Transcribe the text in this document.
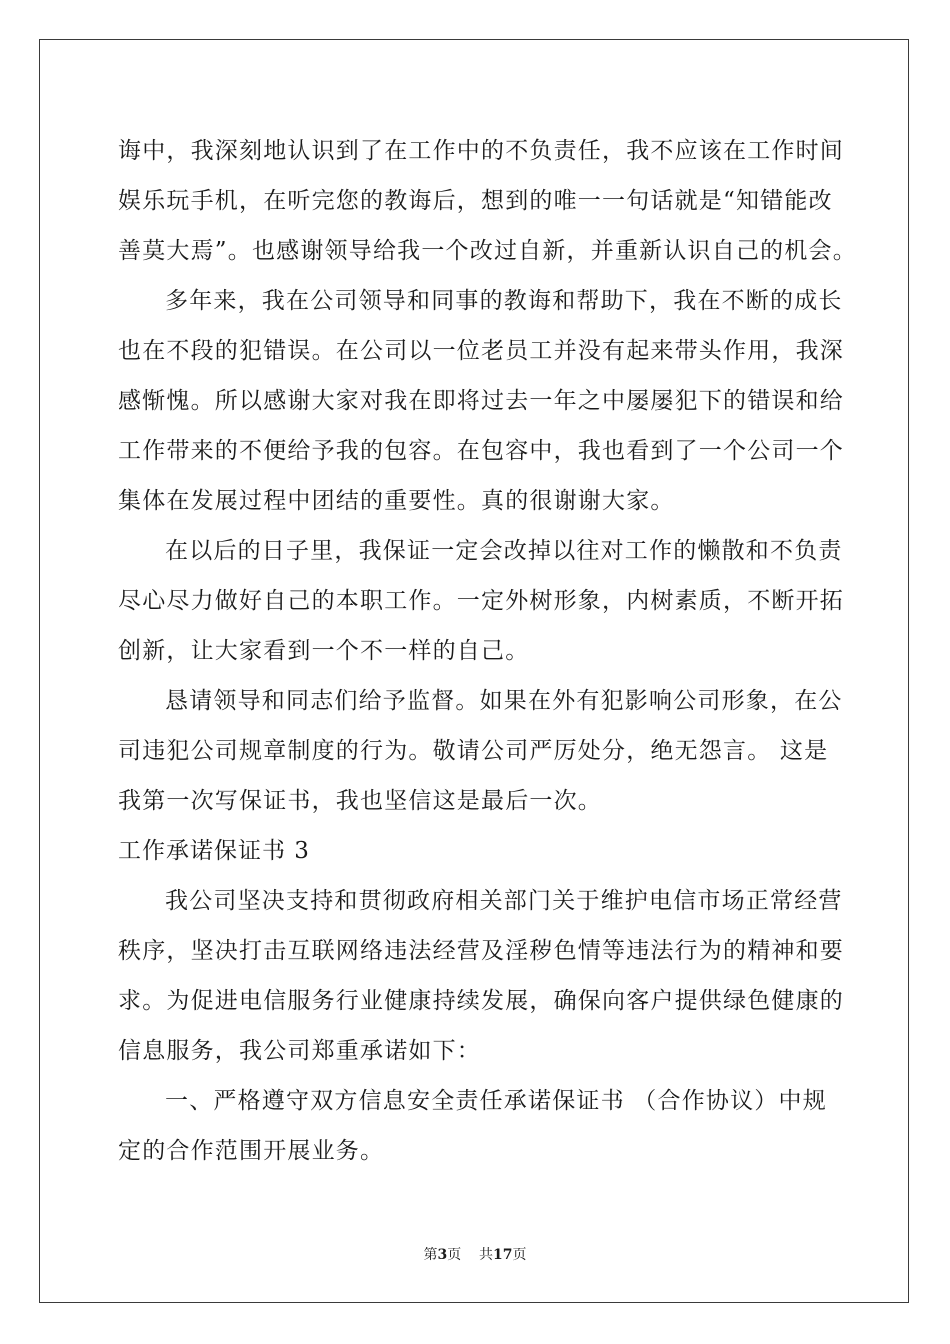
诲中，我深刻地认识到了在工作中的不负责任，我不应该在工作时间
娱乐玩手机，在听完您的教诲后，想到的唯一一句话就是“知错能改
善莫大焉”。也感谢领导给我一个改过自新，并重新认识自己的机会。
多年来，我在公司领导和同事的教诲和帮助下，我在不断的成长
也在不段的犯错误。在公司以一位老员工并没有起来带头作用，我深
感惭愧。所以感谢大家对我在即将过去一年之中屡屡犯下的错误和给
工作带来的不便给予我的包容。在包容中，我也看到了一个公司一个
集体在发展过程中团结的重要性。真的很谢谢大家。
在以后的日子里，我保证一定会改掉以往对工作的懒散和不负责
尽心尽力做好自己的本职工作。一定外树形象，内树素质，不断开拓
创新，让大家看到一个不一样的自己。
恳请领导和同志们给予监督。如果在外有犯影响公司形象，在公
司违犯公司规章制度的行为。敬请公司严厉处分，绝无怨言。 这是
我第一次写保证书，我也坚信这是最后一次。
工作承诺保证书 3
我公司坚决支持和贯彻政府相关部门关于维护电信市场正常经营
秩序，坚决打击互联网络违法经营及淫秽色情等违法行为的精神和要
求。为促进电信服务行业健康持续发展，确保向客户提供绿色健康的
信息服务，我公司郑重承诺如下：
一、严格遵守双方信息安全责任承诺保证书 （合作协议）中规
定的合作范围开展业务。
第3页 共17页
